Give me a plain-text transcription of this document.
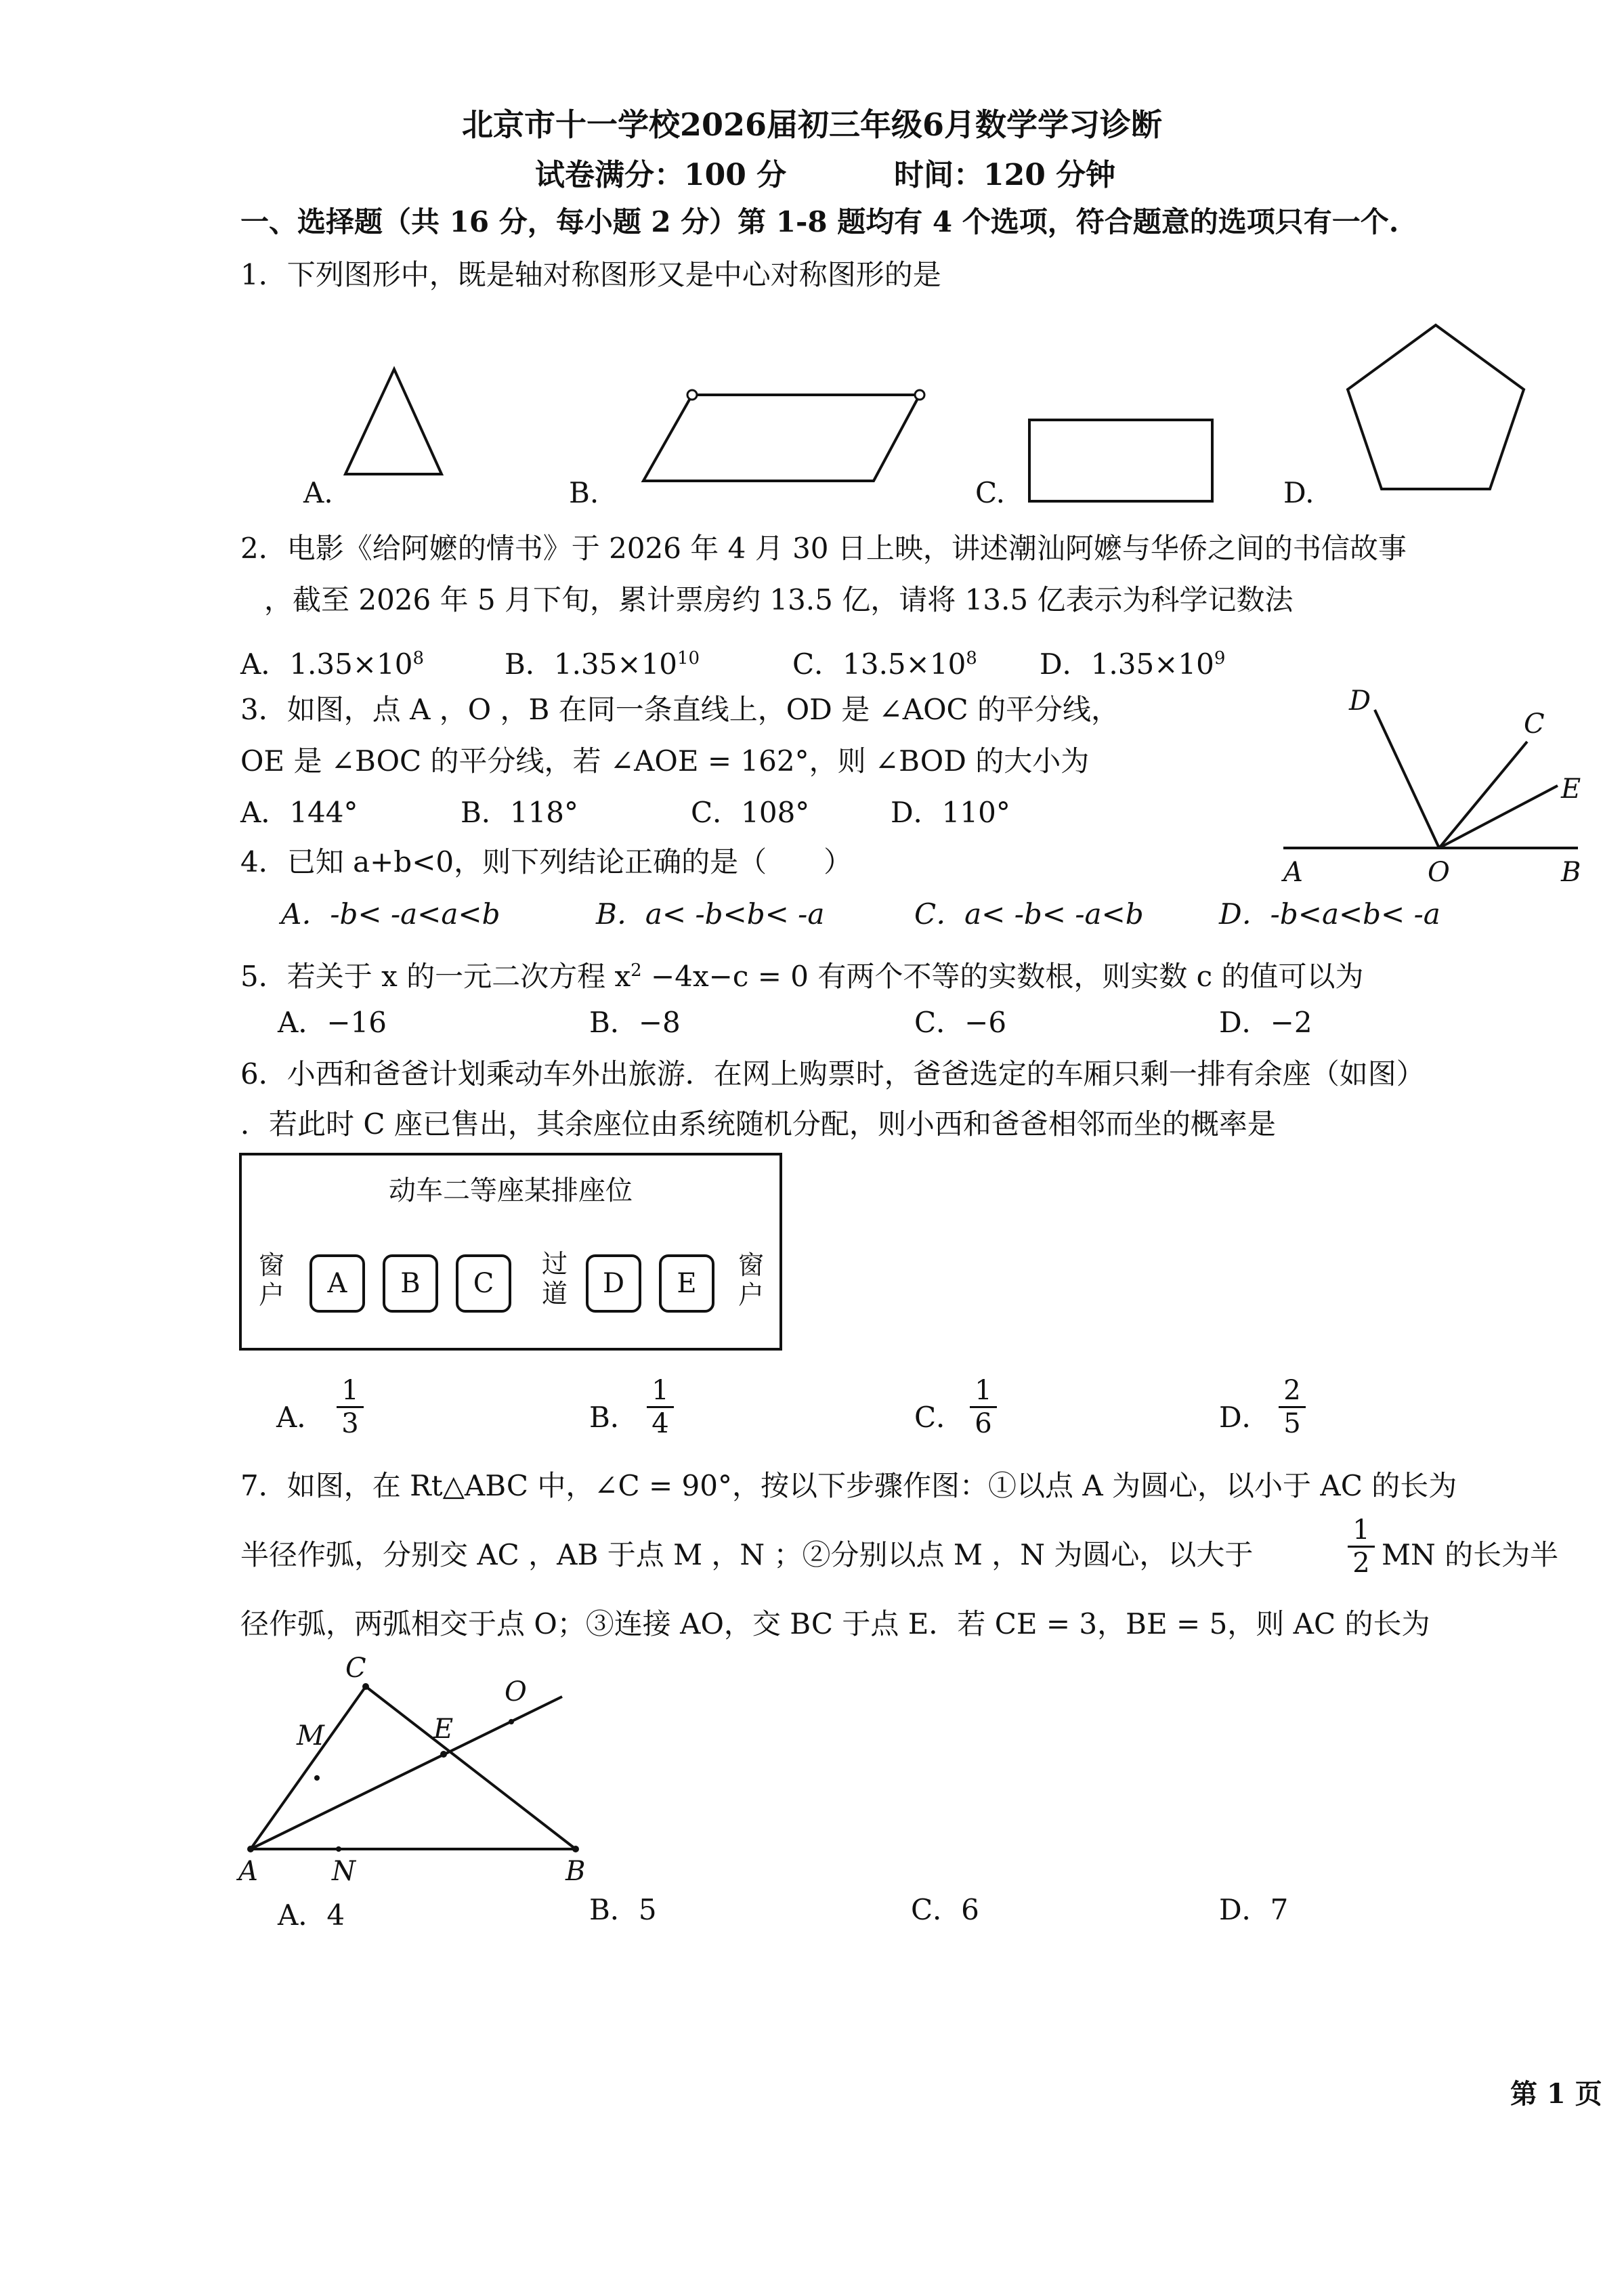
北京市十一学校2026届初三年级6月数学学习诊断
试卷满分：100 分	时间：120 分钟
一、选择题（共 16 分，每小题 2 分）第 1-8 题均有 4 个选项，符合题意的选项只有一个.
1．下列图形中，既是轴对称图形又是中心对称图形的是
A.	B.	C.	D.
2．电影《给阿嬷的情书》于 2026 年 4 月 30 日上映，讲述潮汕阿嬷与华侨之间的书信故事
，截至 2026 年 5 月下旬，累计票房约 13.5 亿，请将 13.5 亿表示为科学记数法
A．$1.35\times 10^8$	B．$1.35\times 10^{10}$	C．$13.5\times 10^8$ D．$1.35\times 10^9$
3．如图，点 A ，O ，B 在同一条直线上，OD 是 ∠AOC 的平分线，
OE 是 ∠BOC 的平分线，若 ∠AOE = 162°，则 ∠BOD 的大小为
A．144°	B．118°	C．108°	D．110°
D
C
E
A	O	B
4．已知 a+b<0，则下列结论正确的是（　　）
A．-b< -a<a<b	B．a< -b<b< -a	C．a< -b< -a<b	D．-b<a<b< -a
5．若关于 x 的一元二次方程 $x^2 -4x-c = 0$ 有两个不等的实数根，则实数 c 的值可以为
A．−16	B．−8	C．−6	D．−2
6．小西和爸爸计划乘动车外出旅游．在网上购票时，爸爸选定的车厢只剩一排有余座（如图）
．若此时 C 座已售出，其余座位由系统随机分配，则小西和爸爸相邻而坐的概率是
动车二等座某排座位
窗户	A	B	C
过道	D	E
窗户
A． $\frac{1}{3}$	B． $\frac{1}{4}$	C． $\frac{1}{6}$	D． $\frac{2}{5}$
7．如图，在 Rt△ABC 中，∠C = 90°，按以下步骤作图：①以点 A 为圆心，以小于 AC 的长为
半径作弧，分别交 AC ，AB 于点 M ，N ；②分别以点 M ，N 为圆心，以大于	$\frac{1}{2}$ MN 的长为半
径作弧，两弧相交于点 O；③连接 AO，交 BC 于点 E．若 CE = 3，BE = 5，则 AC 的长为
C
O
M	E
A	N	B
A．4	B．5	C．6	D．7
第 1 页
